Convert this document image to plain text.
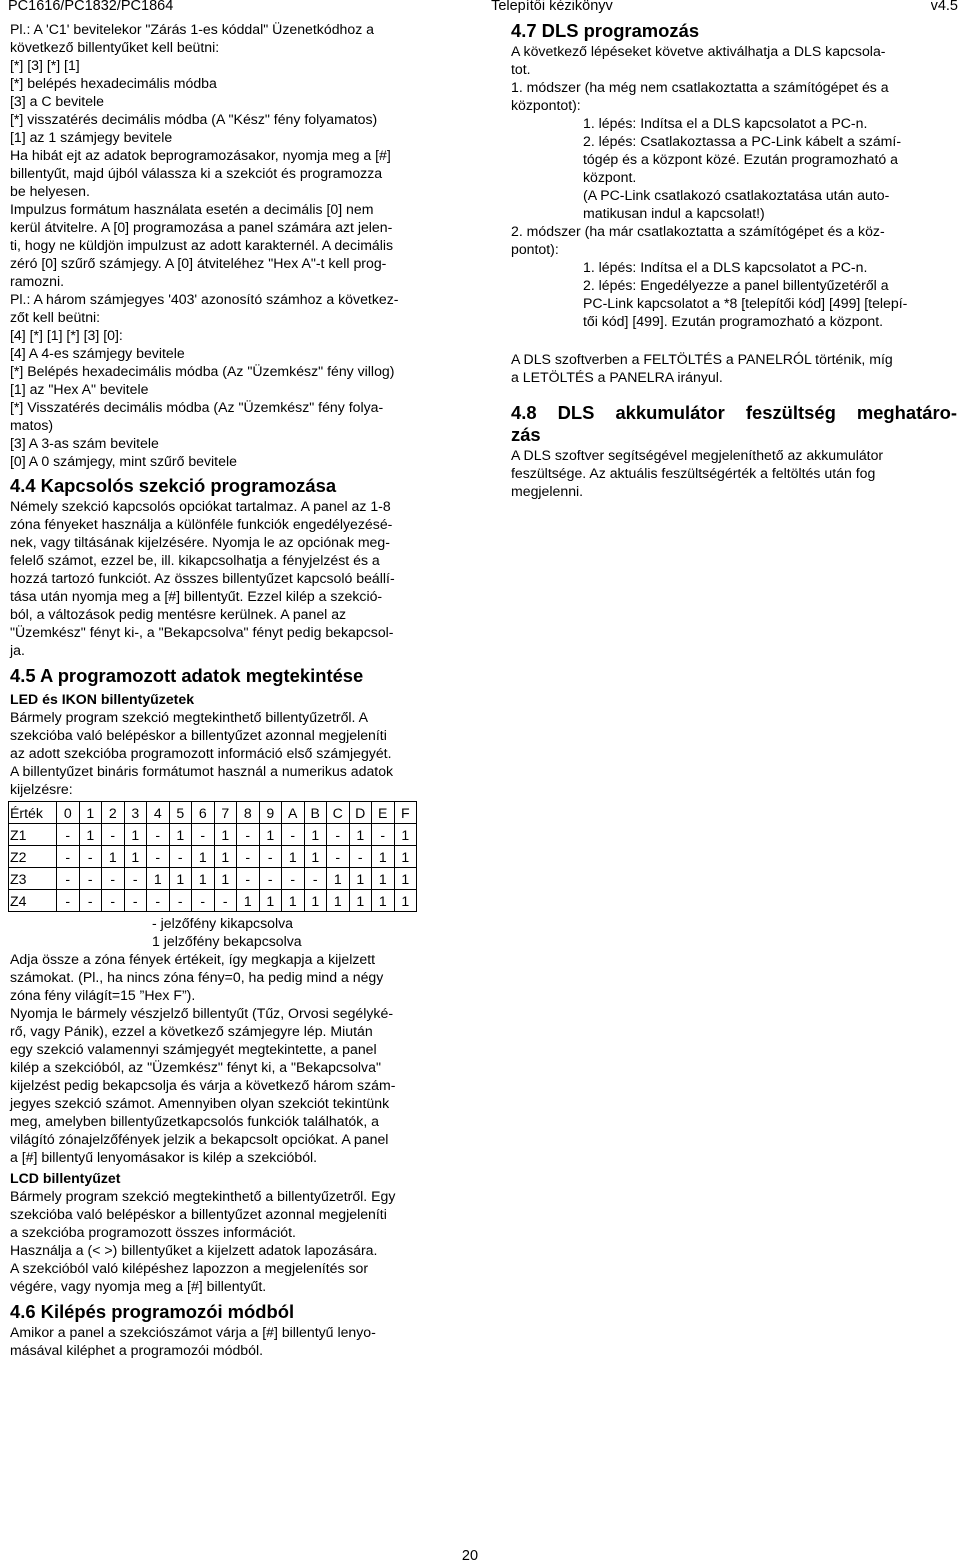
PC1616/PC1832/PC1864	Telepítői kézikönyv	v4.5

Pl.: A 'C1' bevitelekor "Zárás 1-es kóddal" Üzenetkódhoz a

következő billentyűket kell beütni:

[*] [3] [*] [1]

[*] belépés hexadecimális módba

[3] a C bevitele

[*] visszatérés decimális módba (A "Kész" fény folyamatos)

[1] az 1 számjegy bevitele

Ha hibát ejt az adatok beprogramozásakor, nyomja meg a [#]

billentyűt, majd újból válassza ki a szekciót és programozza

be helyesen.

Impulzus formátum használata esetén a decimális [0] nem

kerül átvitelre. A [0] programozása a panel számára azt jelen-

ti, hogy ne küldjön impulzust az adott karakternél. A decimális

zéró [0] szűrő számjegy. A [0] átviteléhez "Hex A"-t kell prog-

ramozni.

Pl.: A három számjegyes '403' azonosító számhoz a következ-

zőt kell beütni:

[4] [*] [1] [*] [3] [0]:

[4] A 4-es számjegy bevitele

[*] Belépés hexadecimális módba (Az "Üzemkész" fény villog)

[1] az "Hex A" bevitele

[*] Visszatérés decimális módba (Az "Üzemkész" fény folya-

matos)

[3] A 3-as szám bevitele

[0] A 0 számjegy, mint szűrő bevitele

4.4 Kapcsolós szekció programozása

Némely szekció kapcsolós opciókat tartalmaz. A panel az 1-8

zóna fényeket használja a különféle funkciók engedélyezésé-

nek, vagy tiltásának kijelzésére. Nyomja le az opciónak meg-

felelő számot, ezzel be, ill. kikapcsolhatja a fényjelzést és a

hozzá tartozó funkciót. Az összes billentyűzet kapcsoló beállí-

tása után nyomja meg a [#] billentyűt. Ezzel kilép a szekció-

ból, a változások pedig mentésre kerülnek. A panel az

"Üzemkész" fényt ki-, a "Bekapcsolva" fényt pedig bekapcsol-

ja.

4.5 A programozott adatok megtekintése
LED és IKON billentyűzetek

Bármely program szekció megtekinthető billentyűzetről. A

szekcióba való belépéskor a billentyűzet azonnal megjeleníti

az adott szekcióba programozott információ első számjegyét.

A billentyűzet bináris formátumot használ a numerikus adatok

kijelzésre:

Érték	0	1	2	3	4	5	6	7	8	9	A	B	C	D	E	F
Z1	-	1	-	1	-	1	-	1	-	1	-	1	-	1	-	1
Z2	-	-	1	1	-	-	1	1	-	-	1	1	-	-	1	1
Z3	-	-	-	-	1	1	1	1	-	-	-	-	1	1	1	1
Z4	-	-	-	-	-	-	-	-	1	1	1	1	1	1	1	1

- jelzőfény kikapcsolva

1 jelzőfény bekapcsolva

Adja össze a zóna fények értékeit, így megkapja a kijelzett

számokat. (Pl., ha nincs zóna fény=0, ha pedig mind a négy

zóna fény világít=15 ”Hex F”).

Nyomja le bármely vészjelző billentyűt (Tűz, Orvosi segélyké-

rő, vagy Pánik), ezzel a következő számjegyre lép. Miután

egy szekció valamennyi számjegyét megtekintette, a panel

kilép a szekcióból, az "Üzemkész" fényt ki, a "Bekapcsolva"

kijelzést pedig bekapcsolja és várja a következő három szám-

jegyes szekció számot. Amennyiben olyan szekciót tekintünk

meg, amelyben billentyűzetkapcsolós funkciók találhatók, a

világító zónajelzőfények jelzik a bekapcsolt opciókat. A panel

a [#] billentyű lenyomásakor is kilép a szekcióból.

LCD billentyűzet

Bármely program szekció megtekinthető a billentyűzetről. Egy

szekcióba való belépéskor a billentyűzet azonnal megjeleníti

a szekcióba programozott összes információt.

Használja a (< >) billentyűket a kijelzett adatok lapozására.

A szekcióból való kilépéshez lapozzon a megjelenítés sor

végére, vagy nyomja meg a [#] billentyűt.

4.6 Kilépés programozói módból

Amikor a panel a szekciószámot várja a [#] billentyű lenyo-

másával kiléphet a programozói módból.

4.7 DLS programozás

A következő lépéseket követve aktiválhatja a DLS kapcsola-

tot.

1. módszer (ha még nem csatlakoztatta a számítógépet és a

központot):

1. lépés: Indítsa el a DLS kapcsolatot a PC-n.

2. lépés: Csatlakoztassa a PC-Link kábelt a számí-

tógép és a központ közé. Ezután programozható a

központ.

(A PC-Link csatlakozó csatlakoztatása után auto-

matikusan indul a kapcsolat!)

2. módszer (ha már csatlakoztatta a számítógépet és a köz-

pontot):

1. lépés: Indítsa el a DLS kapcsolatot a PC-n.

2. lépés: Engedélyezze a panel billentyűzetéről a

PC-Link kapcsolatot a *8 [telepítői kód] [499] [telepí-

tői kód] [499]. Ezután programozható a központ.

A DLS szoftverben a FELTÖLTÉS a PANELRÓL történik, míg

a LETÖLTÉS a PANELRA irányul.

4.8 DLS akkumulátor feszültség meghatáro-
zás

A DLS szoftver segítségével megjeleníthető az akkumulátor

feszültsége. Az aktuális feszültségérték a feltöltés után fog

megjelenni.

20
